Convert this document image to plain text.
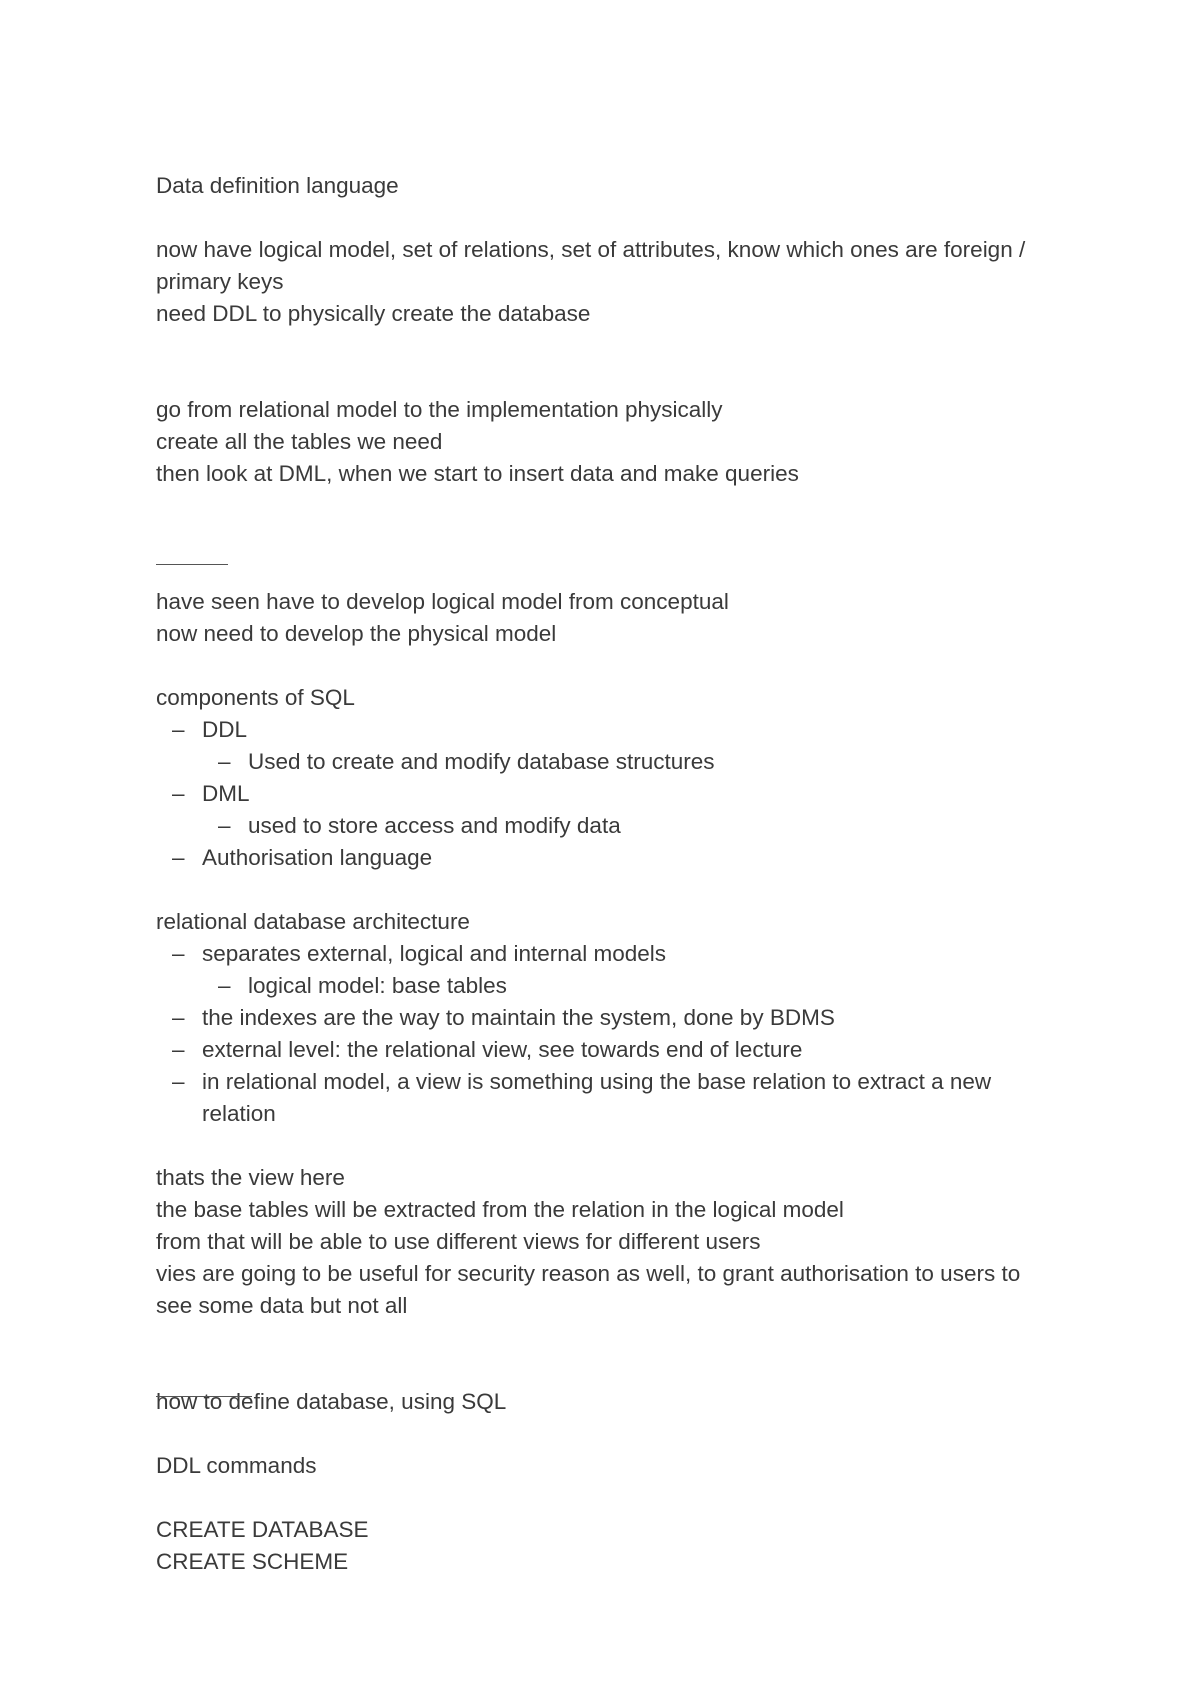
Data definition language
now have logical model, set of relations, set of attributes, know which ones are foreign / primary keys
need DDL to physically create the database
go from relational model to the implementation physically
create all the tables we need
then look at DML, when we start to insert data and make queries
have seen have to develop logical model from conceptual
now need to develop the physical model
components of SQL
– DDL
– Used to create and modify database structures
– DML
– used to store access and modify data
– Authorisation language
relational database architecture
– separates external, logical and internal models
– logical model: base tables
– the indexes are the way to maintain the system, done by BDMS
– external level: the relational view, see towards end of lecture
– in relational model, a view is something using the base relation to extract a new relation
thats the view here
the base tables will be extracted from the relation in the logical model
from that will be able to use different views for different users
vies are going to be useful for security reason as well, to grant authorisation to users to see some data but not all
how to define database, using SQL
DDL commands
CREATE DATABASE
CREATE SCHEME
